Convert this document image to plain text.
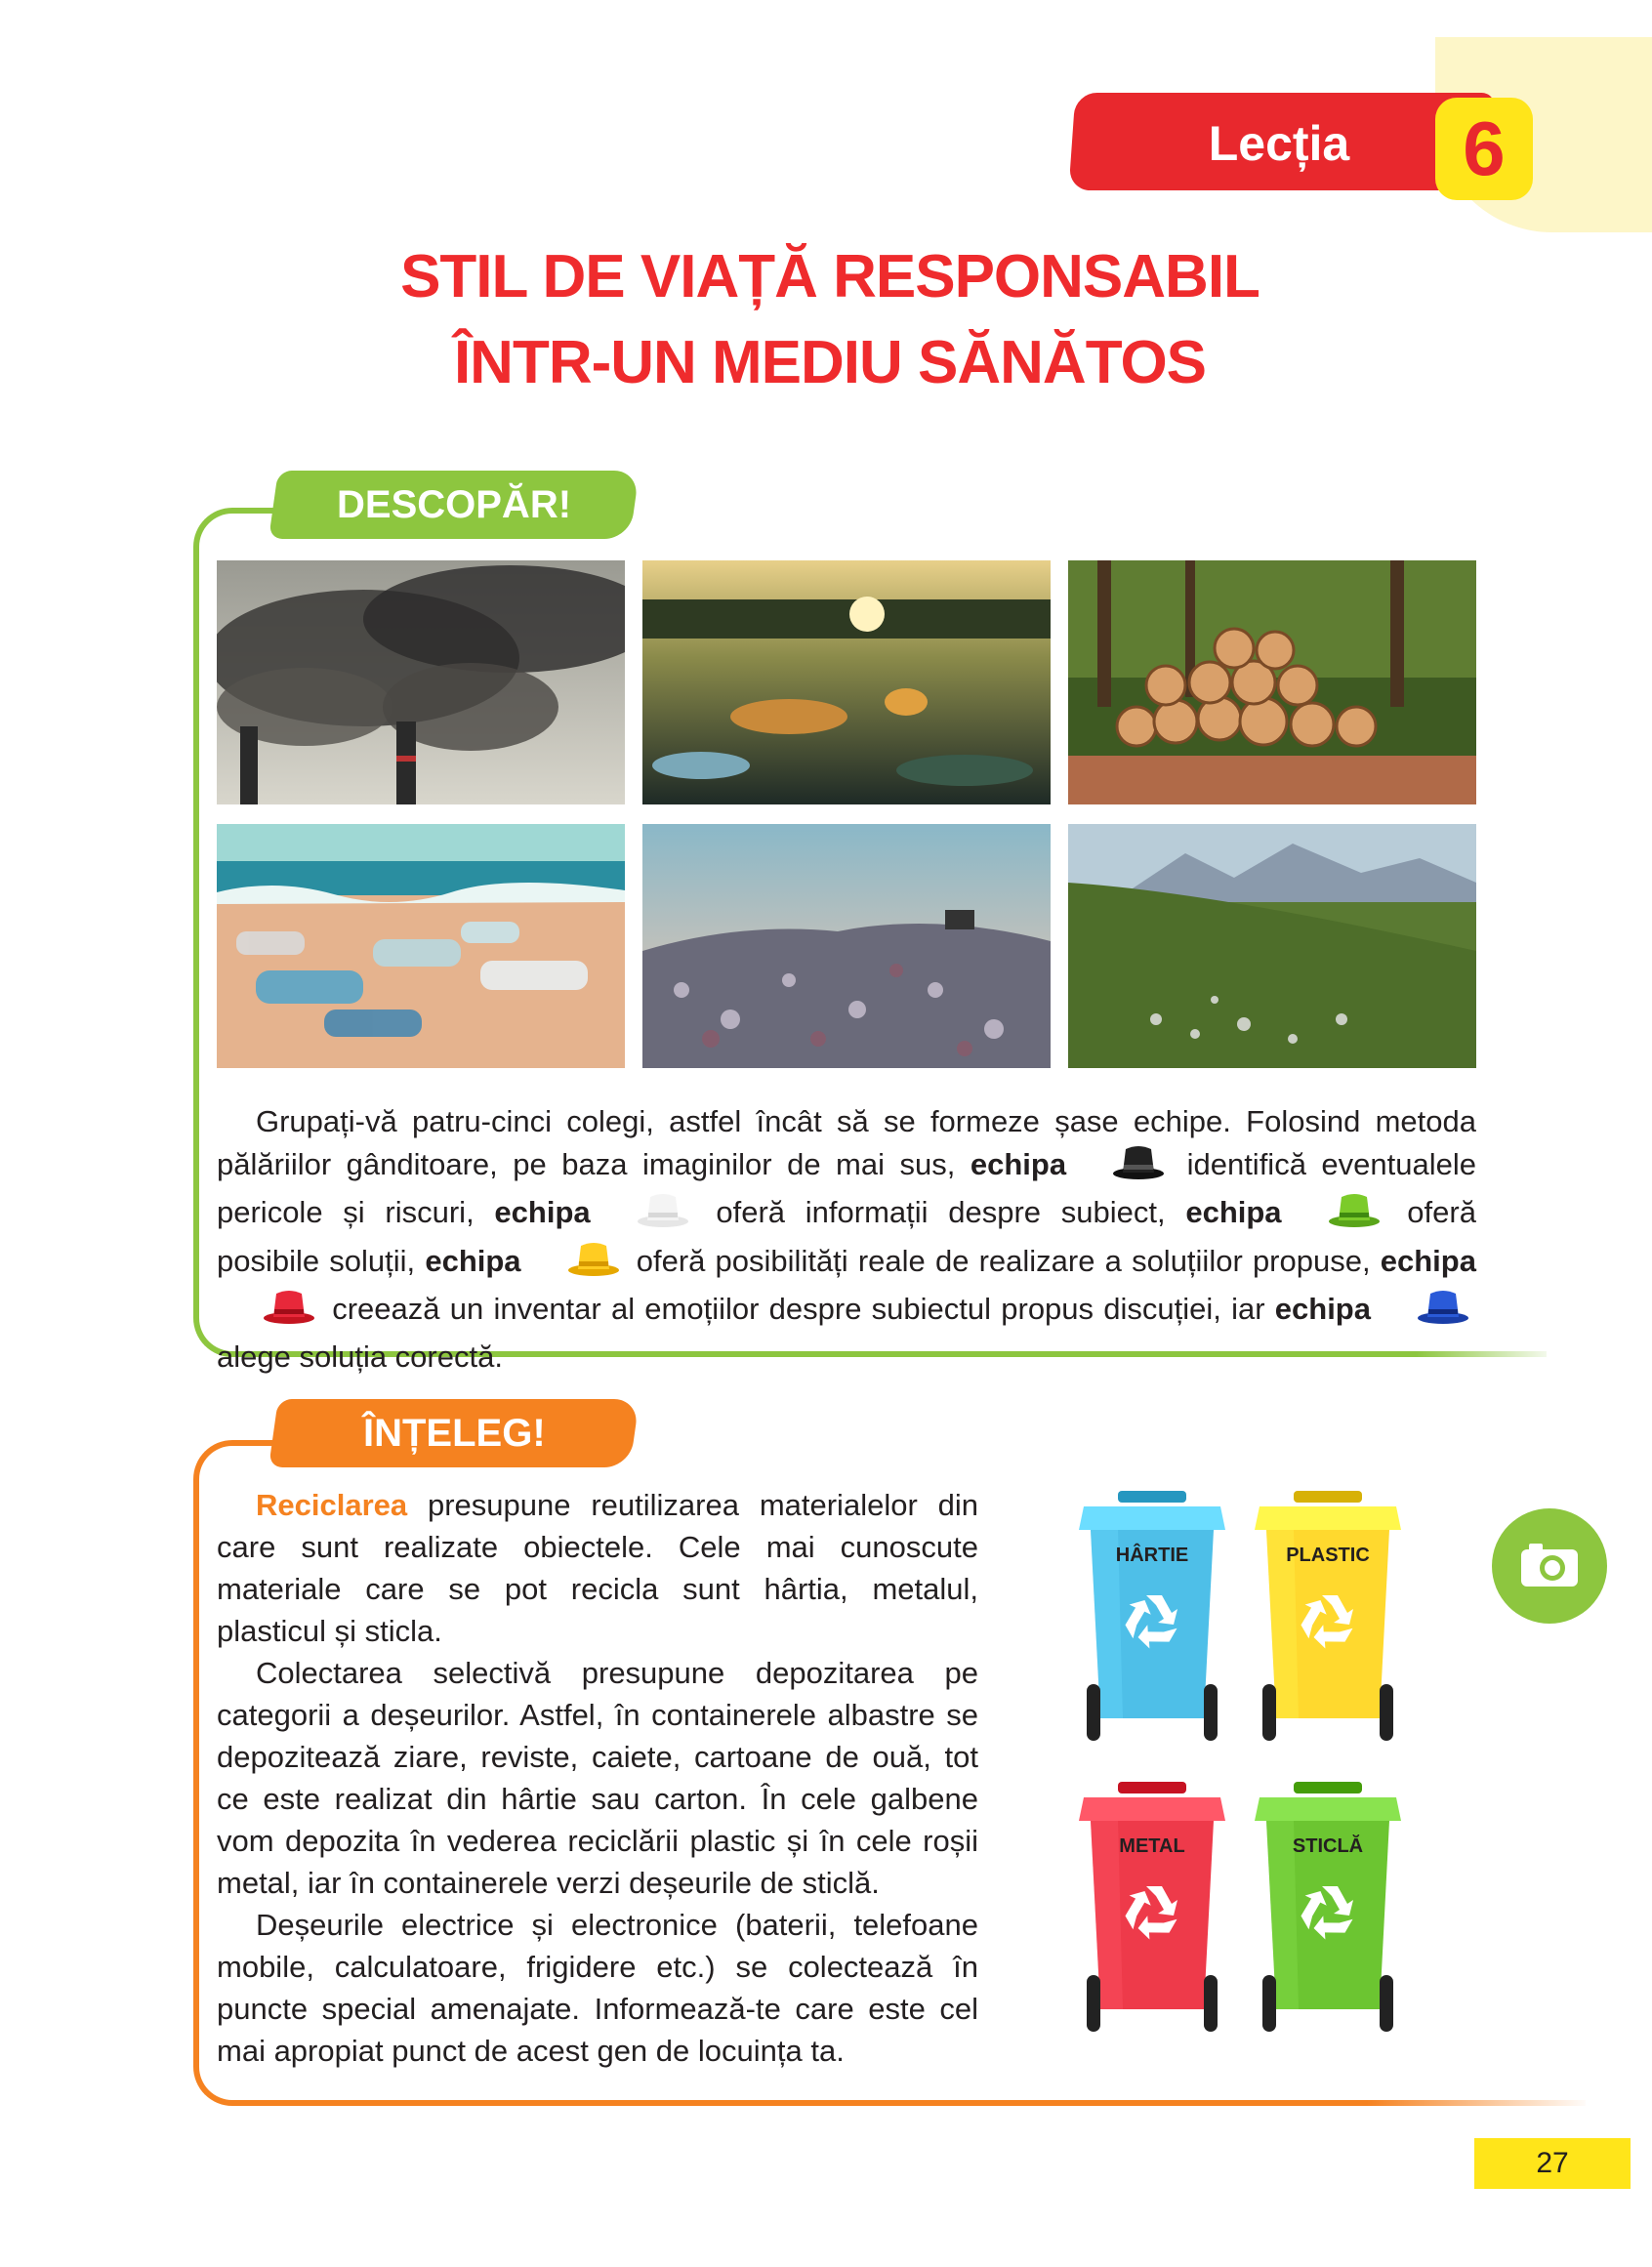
Lecția	6
STIL DE VIAȚĂ RESPONSABIL
ÎNTR-UN MEDIU SĂNĂTOS
DESCOPĂR!
Grupați-vă patru-cinci colegi, astfel încât să se formeze șase echipe. Folosind metoda pălăriilor gânditoare, pe baza imaginilor de mai sus, echipa	identifică eventualele pericole și riscuri, echipa	oferă informații despre subiect, echipa	oferă posibile soluții, echipa	oferă posibilități reale de realizare a soluțiilor propuse, echipa creează un inventar al emoțiilor despre subiectul propus discuției, iar echipa alege soluția corectă.
ÎNȚELEG!

Reciclarea presupune reutilizarea materialelor din care sunt realizate obiectele. Cele mai cunoscute materiale care se pot recicla sunt hârtia, metalul, plasticul și sticla.

Colectarea selectivă presupune depozitarea pe categorii a deșeurilor. Astfel, în containerele albastre se depozitează ziare, reviste, caiete, cartoane de ouă, tot ce este realizat din hârtie sau carton. În cele galbene vom depozita în vederea reciclării plastic și în cele roșii metal, iar în containerele verzi deșeurile de sticlă.

Deșeurile electrice și electronice (baterii, telefoane mobile, calculatoare, frigidere etc.) se colectează în puncte special amenajate. Informează-te care este cel mai apropiat punct de acest gen de locuința ta.

HÂRTIE	PLASTIC
METAL	STICLĂ
27
